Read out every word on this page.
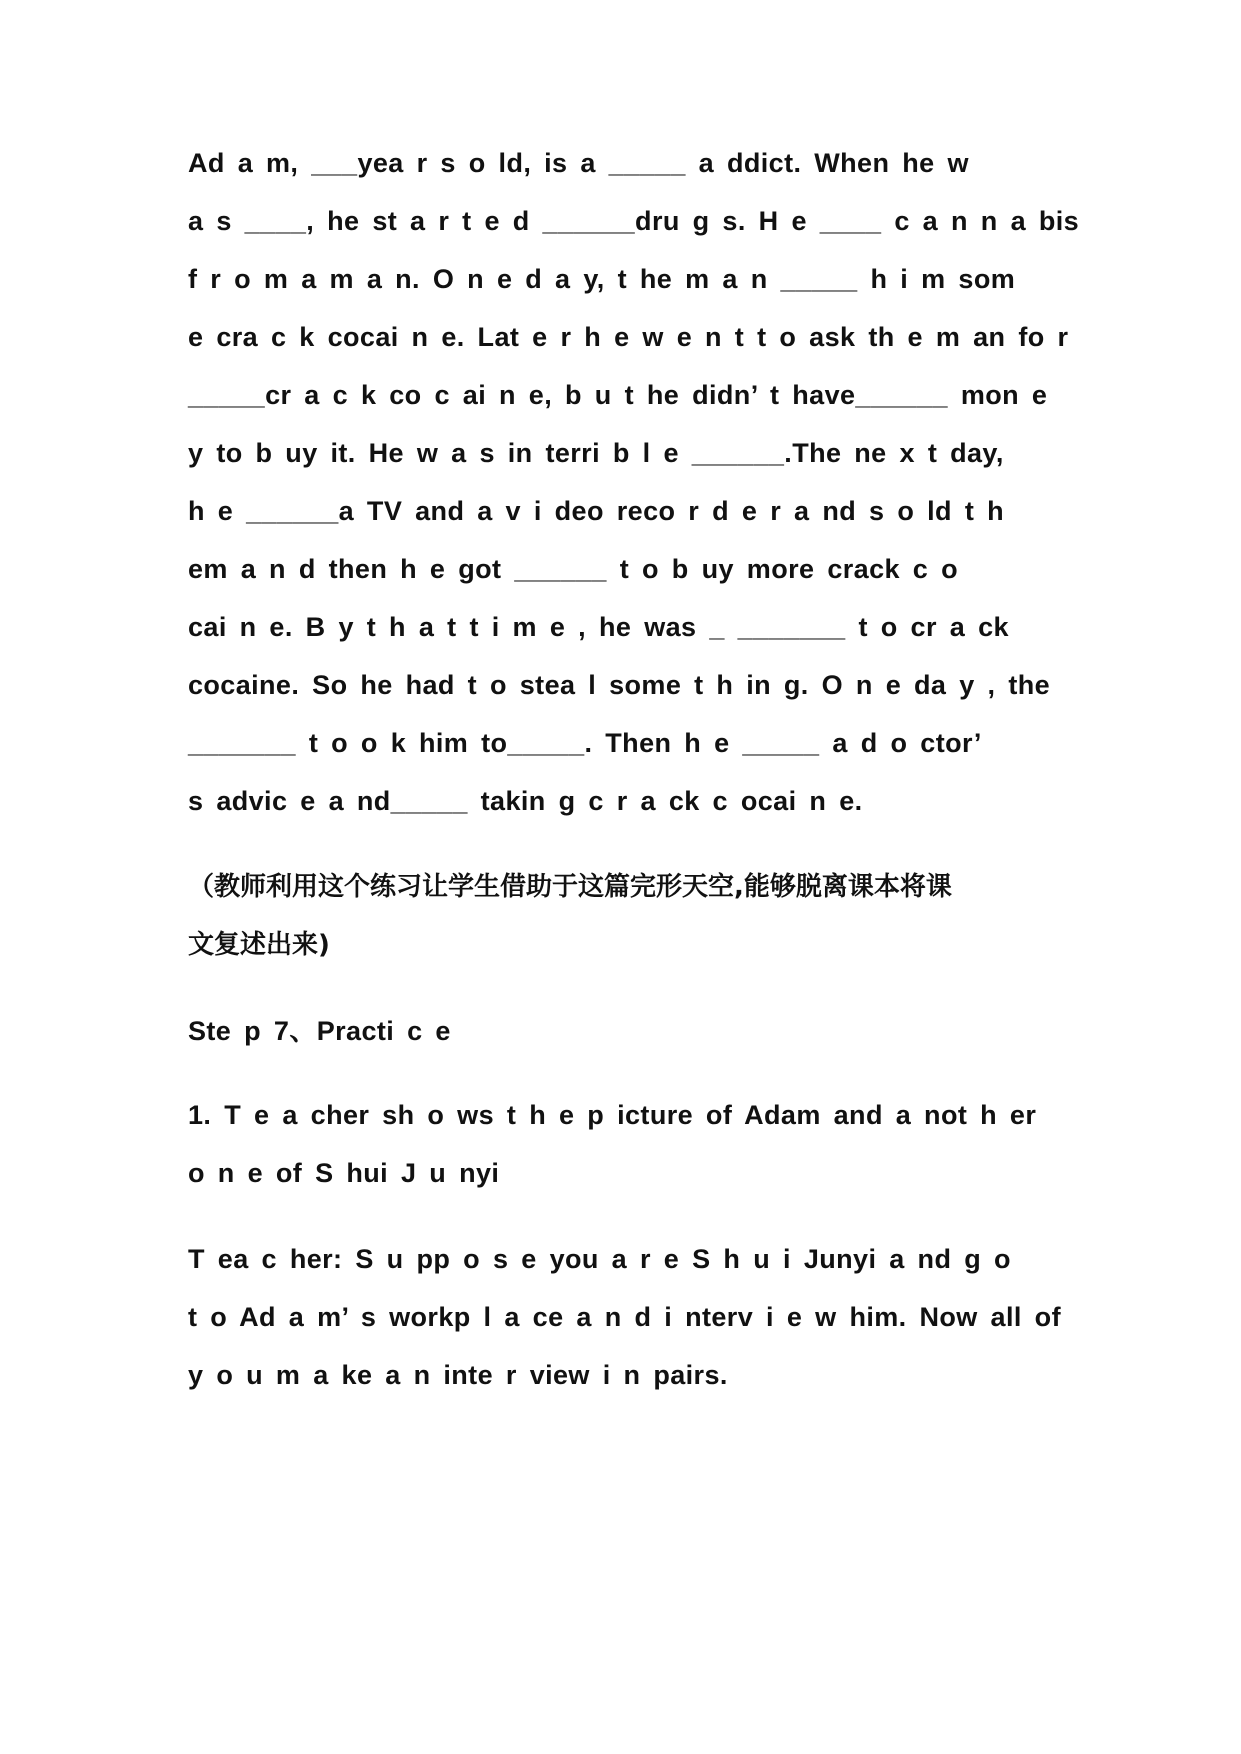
Ad a m, ___yea r s o ld, is a _____ a ddict. When he w
a s ____, he st a r t e d ______dru g s. H e ____ c a n n a bis
f r o m a m a n. O n e d a y, t he m a n _____ h i m som
e cra c k cocai n e. Lat e r h e w e n t t o ask th e m an fo r
_____cr a c k co c ai n e, b u t he didn’ t have______ mon e
y to b uy it. He w a s in terri b l e ______.The ne x t day,
h e ______a TV and a v i deo reco r d e r a nd s o ld t h
em a n d then h e got ______ t o b uy more crack c o
cai n e. B y t h a t t i m e , he was _ _______ t o cr a ck
cocaine. So he had t o stea l some t h in g. O n e da y , the
_______ t o o k him to_____. Then h e _____ a d o ctor’
s advic e a nd_____ takin g c r a ck c ocai n e.
（教师利用这个练习让学生借助于这篇完形天空,能够脱离课本将课
文复述出来)
Ste p 7、Practi c e
1. T e a cher sh o ws t h e p icture of Adam and a not h er
o n e of S hui J u nyi
T ea c her: S u pp o s e you a r e S h u i Junyi a nd g o
t o Ad a m’ s workp l a ce a n d i nterv i e w him. Now all of
y o u m a ke a n inte r view i n pairs.
